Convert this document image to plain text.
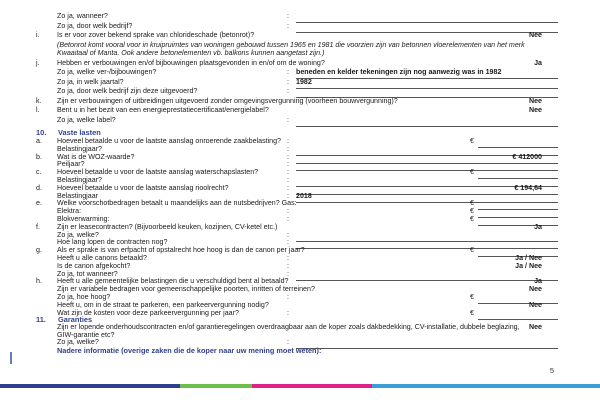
Zo ja, wanneer?	:
Zo ja, door welk bedrijf?	:
i. Is er voor zover bekend sprake van chlorideschade (betonrot)?	Nee
(Betonrot komt vooral voor in kruipruimtes van woningen gebouwd tussen 1965 en 1981 die voorzien zijn van betonnen vloerelementen van het merk Kwaaitaal of Manta. Ook andere betonelementen vb. balkons kunnen aangetast zijn.)
j. Hebben er verbouwingen en/of bijbouwingen plaatsgevonden in en/of om de woning?	Ja
Zo ja, welke ver-/bijbouwingen?	: beneden en kelder tekeningen zijn nog aanwezig was in 1982
Zo ja, in welk jaartal?	: 1982
Zo ja, door welk bedrijf zijn deze uitgevoerd?	:
k. Zijn er verbouwingen of uitbreidingen uitgevoerd zonder omgevingsvergunning (voorheen bouwvergunning)?	Nee
l. Bent u in het bezit van een energieprestatiecertificaat/energielabel?	Nee
Zo ja, welke label?	:
10. Vaste lasten
a. Hoeveel betaalde u voor de laatste aanslag onroerende zaakbelasting? :	€
Belastingjaar?	:
b. Wat is de WOZ-waarde?	:	€ 412000
Peiljaar?	:
c. Hoeveel betaalde u voor de laatste aanslag waterschapslasten?	:	€
Belastingjaar?	:
d. Hoeveel betaalde u voor de laatste aanslag rioolrecht?	:	€ 194,64
Belastingjaar	: 2018
e. Welke voorschotbedragen betaalt u maandelijks aan de nutsbedrijven? Gas:	€
Elektra:	:	€
Blokverwarming:	:	€
f. Zijn er leasecontracten? (Bijvoorbeeld keuken, kozijnen, CV-ketel etc.)	Ja
Zo ja, welke?	:
Hoe lang lopen de contracten nog?	:
g. Als er sprake is van erfpacht of opstalrecht hoe hoog is dan de canon per jaar?	€
Heeft u alle canons betaald?	:	Ja / Nee
Is de canon afgekocht?	:	Ja / Nee
Zo ja, tot wanneer?	:
h. Heeft u alle gemeentelijke belastingen die u verschuldigd bent al betaald?	Ja
Zijn er variabele bedragen voor gemeenschappelijke poorten, inritten of terreinen?	Nee
Zo ja, hoe hoog?	:	€
Heeft u, om in de straat te parkeren, een parkeervergunning nodig?	Nee
Wat zijn de kosten voor deze parkeervergunning per jaar?	:	€
11. Garanties
Zijn er lopende onderhoudscontracten en/of garantieregelingen overdraagbaar aan de koper zoals dakbedekking, CV-installatie, dubbele beglazing, GIW-garantie etc?
Nee
Zo ja, welke?	:
Nadere informatie (overige zaken die de koper naar uw mening moet weten):
5
